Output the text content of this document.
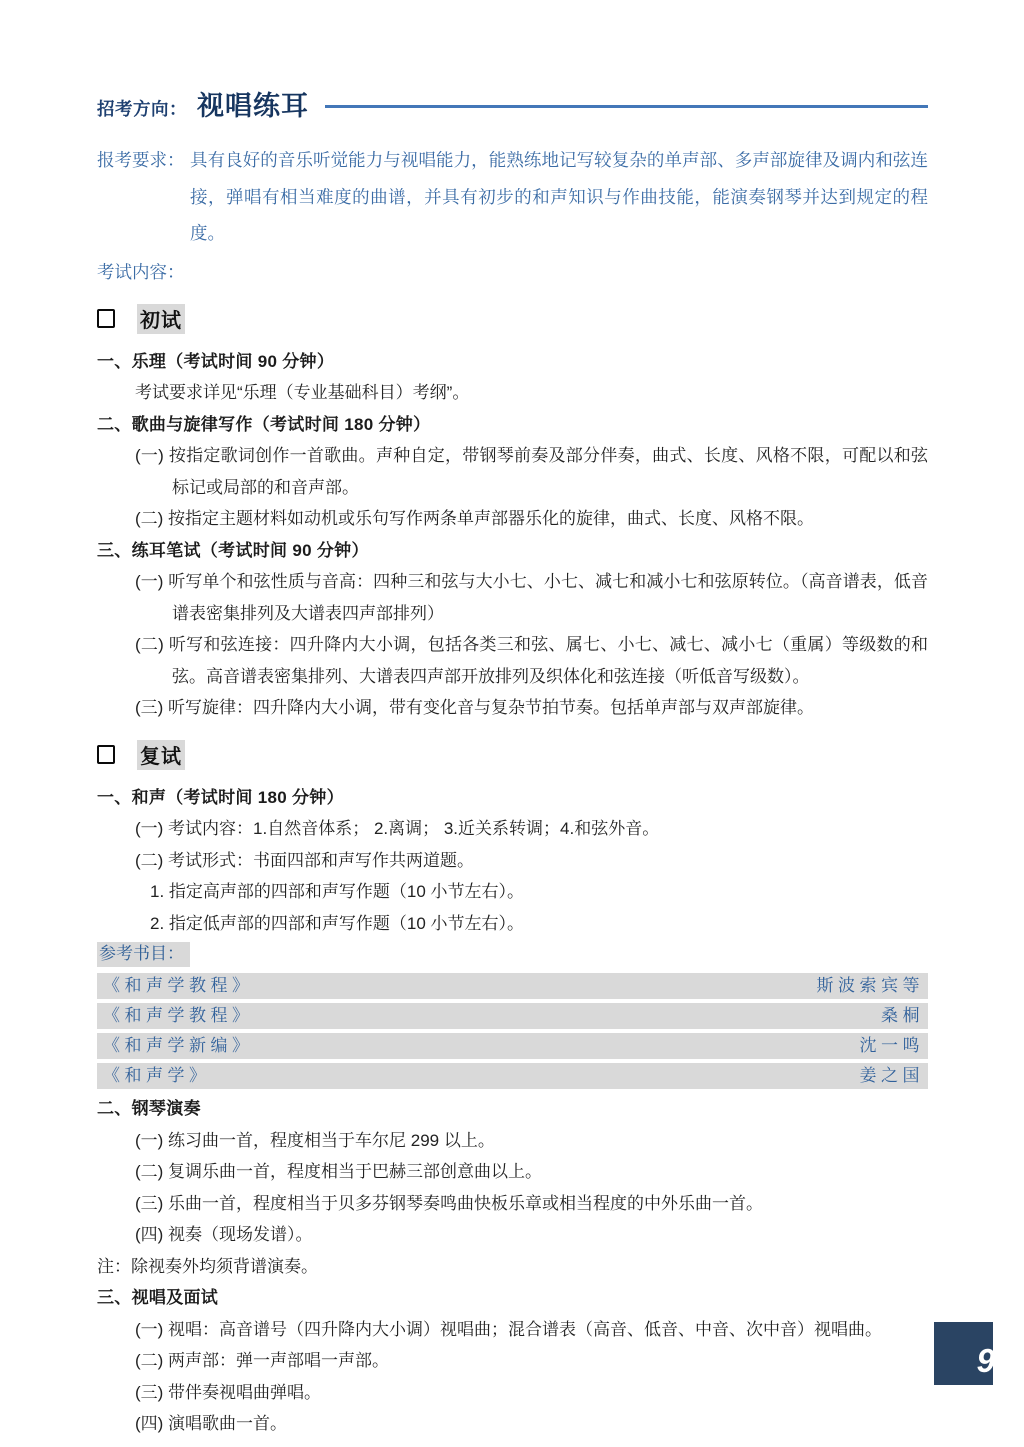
招考方向： 视唱练耳
报考要求： 具有良好的音乐听觉能力与视唱能力，能熟练地记写较复杂的单声部、多声部旋律及调内和弦连接，弹唱有相当难度的曲谱，并具有初步的和声知识与作曲技能，能演奏钢琴并达到规定的程度。

考试内容：
初试
一、乐理（考试时间 90 分钟）
考试要求详见“乐理（专业基础科目）考纲”。
二、歌曲与旋律写作（考试时间 180 分钟）
(一) 按指定歌词创作一首歌曲。声种自定，带钢琴前奏及部分伴奏，曲式、长度、风格不限，可配以和弦标记或局部的和音声部。
(二) 按指定主题材料如动机或乐句写作两条单声部器乐化的旋律，曲式、长度、风格不限。
三、练耳笔试（考试时间 90 分钟）
(一) 听写单个和弦性质与音高：四种三和弦与大小七、小七、减七和减小七和弦原转位。（高音谱表，低音谱表密集排列及大谱表四声部排列）
(二) 听写和弦连接：四升降内大小调，包括各类三和弦、属七、小七、减七、减小七（重属）等级数的和弦。高音谱表密集排列、大谱表四声部开放排列及织体化和弦连接（听低音写级数）。
(三) 听写旋律：四升降内大小调，带有变化音与复杂节拍节奏。包括单声部与双声部旋律。
复试
一、和声（考试时间 180 分钟）
(一) 考试内容：1.自然音体系； 2.离调； 3.近关系转调；4.和弦外音。
(二) 考试形式：书面四部和声写作共两道题。
1. 指定高声部的四部和声写作题（10 小节左右）。
2. 指定低声部的四部和声写作题（10 小节左右）。
参考书目：
《和声学教程》	斯波索宾等
《和声学教程》	桑桐
《和声学新编》	沈一鸣
《和声学》	姜之国
二、钢琴演奏
(一) 练习曲一首，程度相当于车尔尼 299 以上。
(二) 复调乐曲一首，程度相当于巴赫三部创意曲以上。
(三) 乐曲一首，程度相当于贝多芬钢琴奏鸣曲快板乐章或相当程度的中外乐曲一首。
(四) 视奏（现场发谱）。
注：除视奏外均须背谱演奏。
三、视唱及面试
(一) 视唱：高音谱号（四升降内大小调）视唱曲；混合谱表（高音、低音、中音、次中音）视唱曲。
(二) 两声部：弹一声部唱一声部。
(三) 带伴奏视唱曲弹唱。
(四) 演唱歌曲一首。
9
